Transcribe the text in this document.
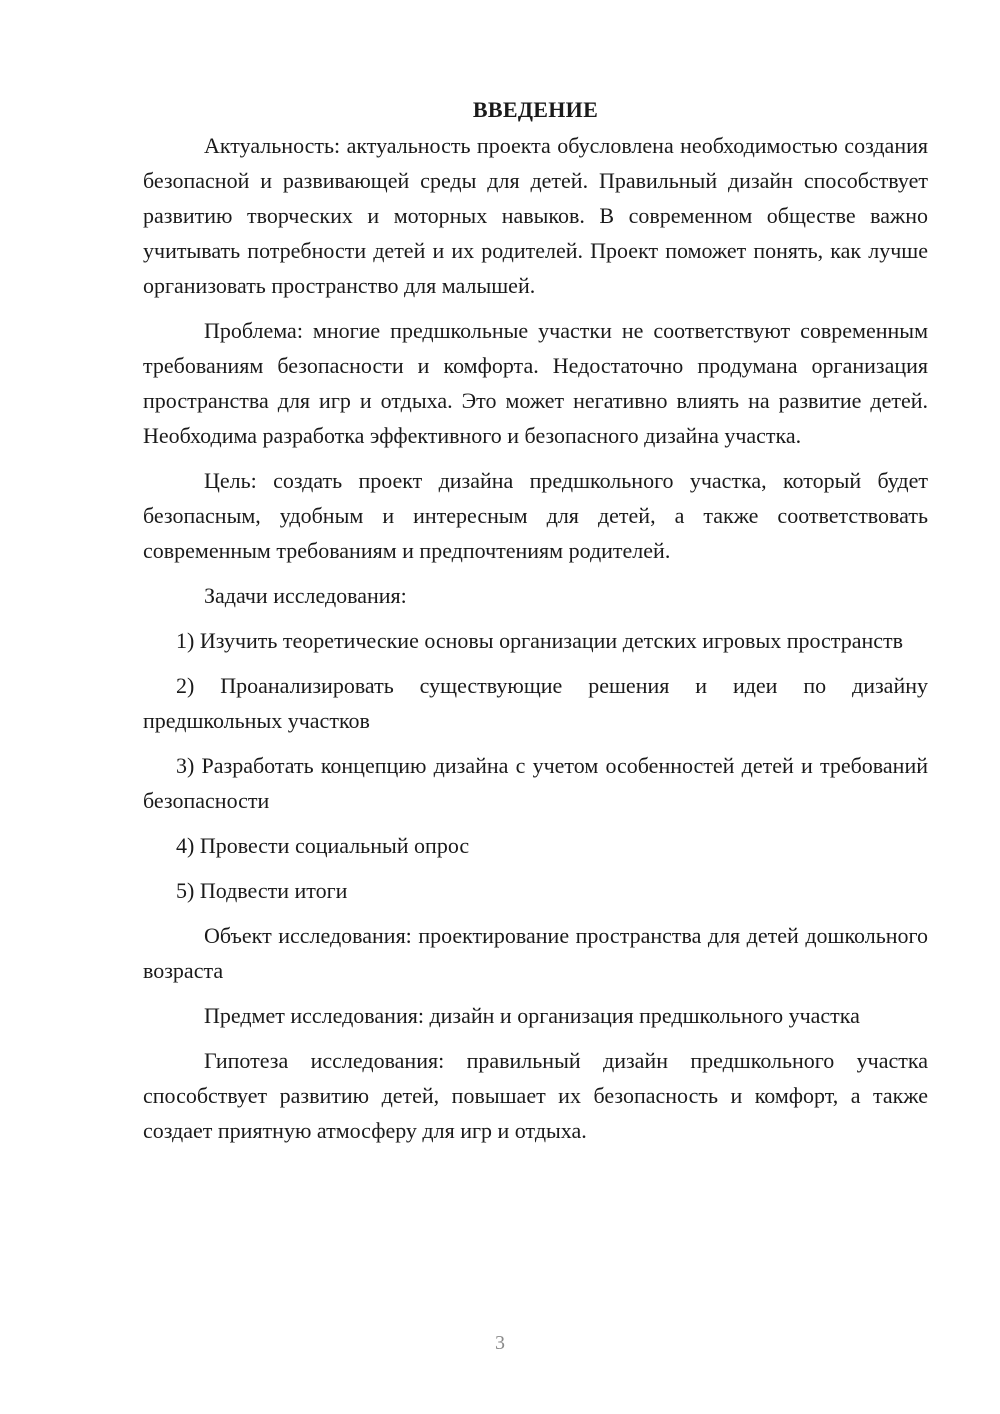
ВВЕДЕНИЕ

Актуальность: актуальность проекта обусловлена необходимостью создания безопасной и развивающей среды для детей. Правильный дизайн способствует развитию творческих и моторных навыков. В современном обществе важно учитывать потребности детей и их родителей. Проект поможет понять, как лучше организовать пространство для малышей.

Проблема: многие предшкольные участки не соответствуют современным требованиям безопасности и комфорта. Недостаточно продумана организация пространства для игр и отдыха. Это может негативно влиять на развитие детей. Необходима разработка эффективного и безопасного дизайна участка.

Цель: создать проект дизайна предшкольного участка, который будет безопасным, удобным и интересным для детей, а также соответствовать современным требованиям и предпочтениям родителей.

Задачи исследования:

1) Изучить теоретические основы организации детских игровых пространств

2) Проанализировать существующие решения и идеи по дизайну предшкольных участков

3) Разработать концепцию дизайна с учетом особенностей детей и требований безопасности

4) Провести социальный опрос

5) Подвести итоги

Объект исследования: проектирование пространства для детей дошкольного возраста

Предмет исследования: дизайн и организация предшкольного участка

Гипотеза исследования: правильный дизайн предшкольного участка способствует развитию детей, повышает их безопасность и комфорт, а также создает приятную атмосферу для игр и отдыха.

3
